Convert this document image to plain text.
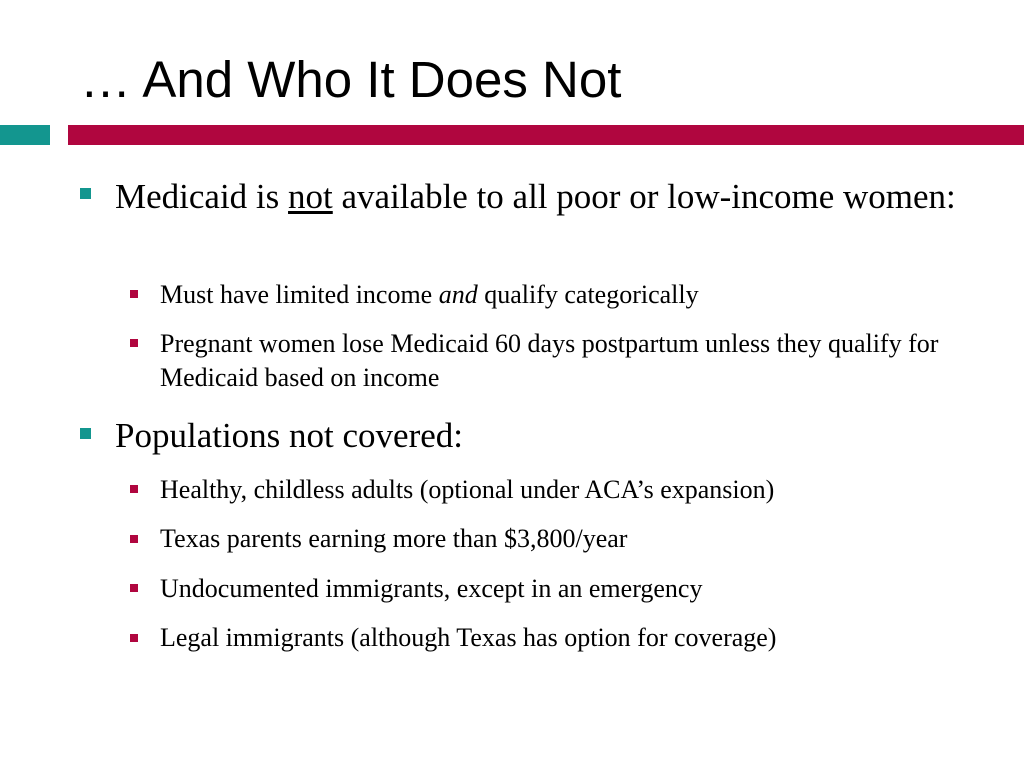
… And Who It Does Not
Medicaid is not available to all poor or low-income women:
Must have limited income and qualify categorically
Pregnant women lose Medicaid 60 days postpartum unless they qualify for Medicaid based on income
Populations not covered:
Healthy, childless adults (optional under ACA’s expansion)
Texas parents earning more than $3,800/year
Undocumented immigrants, except in an emergency
Legal immigrants (although Texas has option for coverage)
